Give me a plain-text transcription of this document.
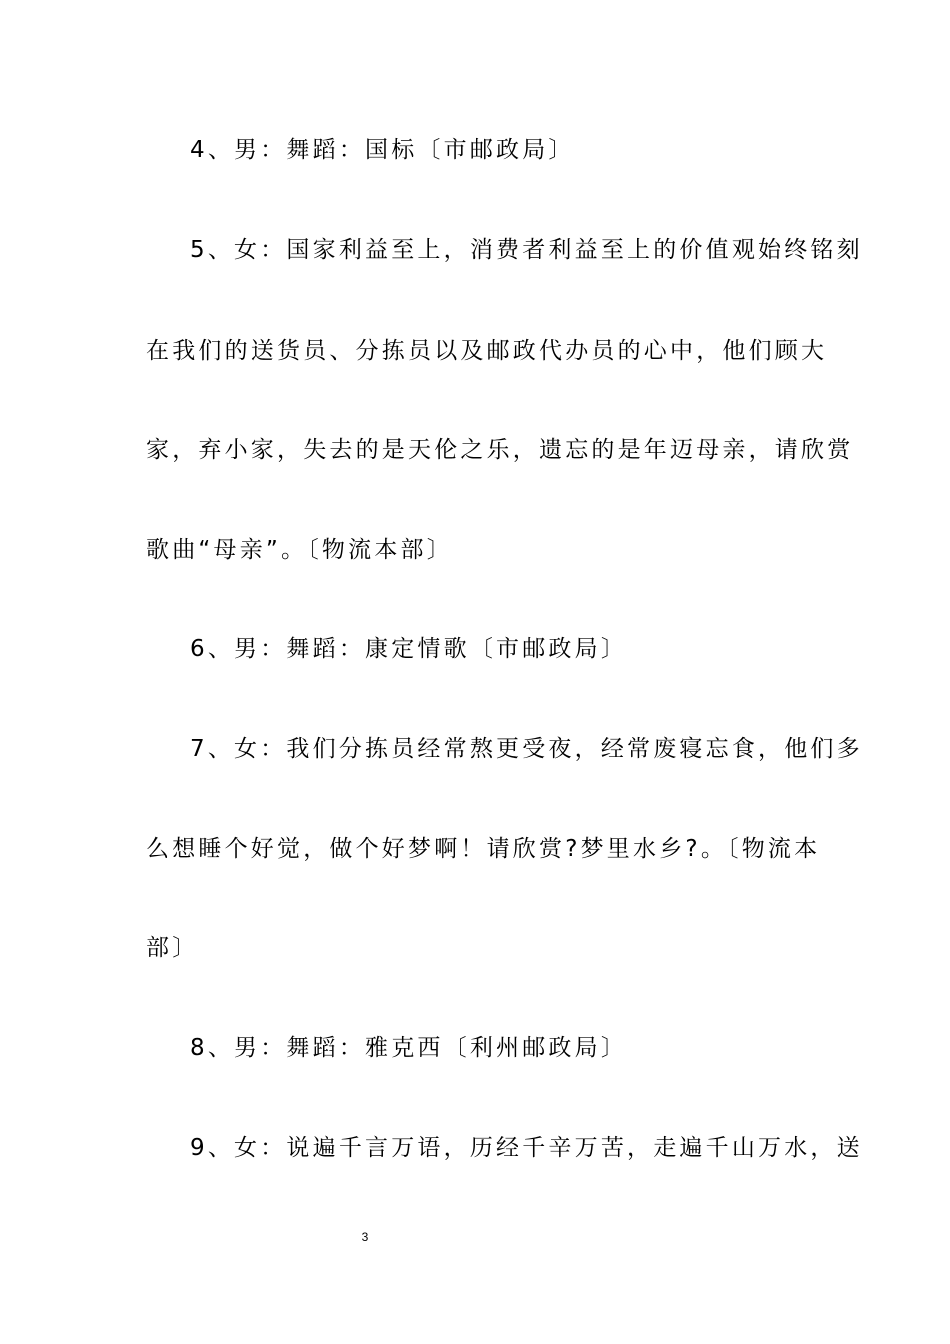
4、男：舞蹈：国标〔市邮政局〕

5、女：国家利益至上，消费者利益至上的价值观始终铭刻

在我们的送货员、分拣员以及邮政代办员的心中，他们顾大

家，弃小家，失去的是天伦之乐，遗忘的是年迈母亲，请欣赏

歌曲“母亲”。〔物流本部〕

6、男：舞蹈：康定情歌〔市邮政局〕

7、女：我们分拣员经常熬更受夜，经常废寝忘食，他们多

么想睡个好觉，做个好梦啊！请欣赏?梦里水乡?。〔物流本

部〕

8、男：舞蹈：雅克西〔利州邮政局〕

9、女：说遍千言万语，历经千辛万苦，走遍千山万水，送

3
